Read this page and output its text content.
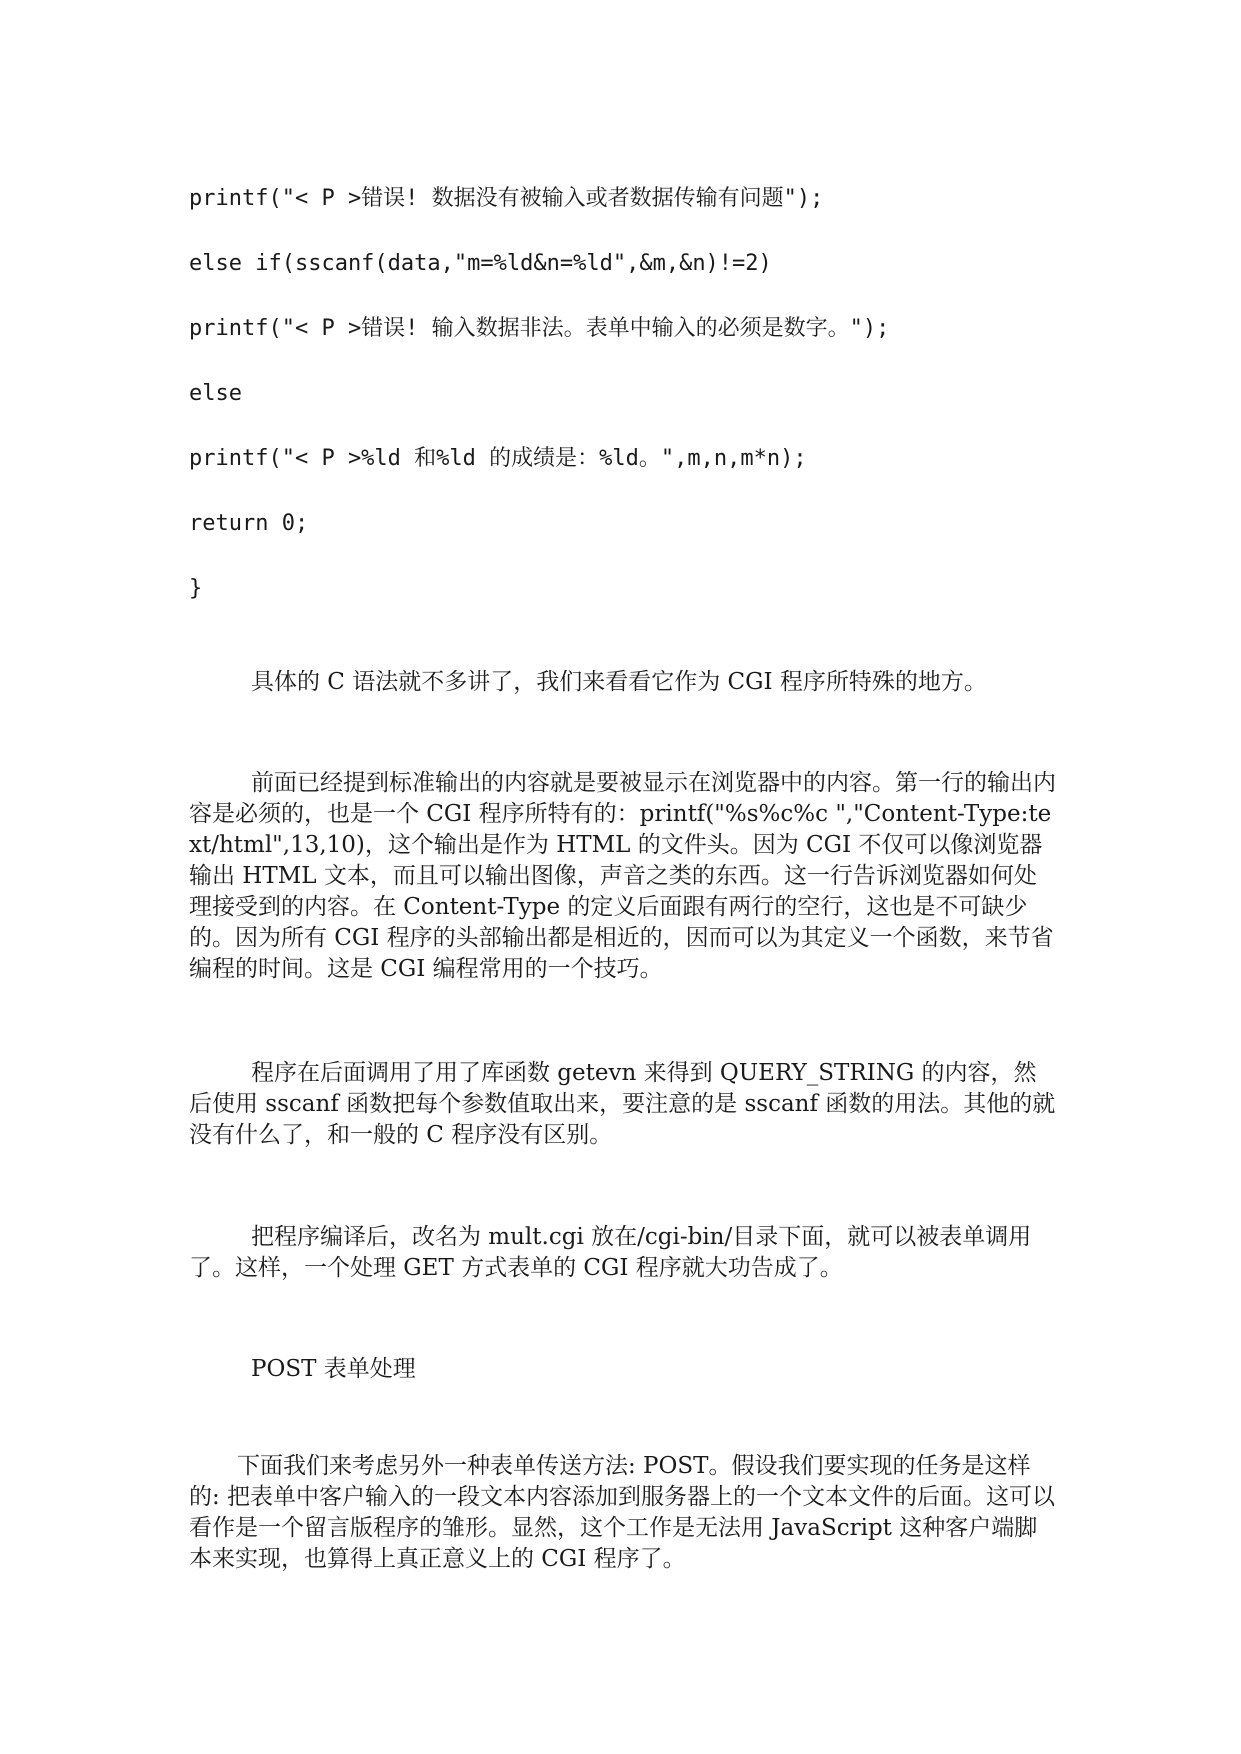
printf("< P >错误! 数据没有被输入或者数据传输有问题");
else if(sscanf(data,"m=%ld&n=%ld",&m,&n)!=2)
printf("< P >错误! 输入数据非法。表单中输入的必须是数字。");
else
printf("< P >%ld 和%ld 的成绩是：%ld。",m,n,m*n);
return 0;
}
具体的 C 语法就不多讲了，我们来看看它作为 CGI 程序所特殊的地方。
前面已经提到标准输出的内容就是要被显示在浏览器中的内容。第一行的输出内容是必须的，也是一个 CGI 程序所特有的：printf("%s%c%c ","Content-Type:text/html",13,10)，这个输出是作为 HTML 的文件头。因为 CGI 不仅可以像浏览器输出 HTML 文本，而且可以输出图像，声音之类的东西。这一行告诉浏览器如何处理接受到的内容。在 Content-Type 的定义后面跟有两行的空行，这也是不可缺少的。因为所有 CGI 程序的头部输出都是相近的，因而可以为其定义一个函数，来节省编程的时间。这是 CGI 编程常用的一个技巧。
程序在后面调用了用了库函数 getevn 来得到 QUERY_STRING 的内容，然后使用 sscanf 函数把每个参数值取出来，要注意的是 sscanf 函数的用法。其他的就没有什么了，和一般的 C 程序没有区别。
把程序编译后，改名为 mult.cgi 放在/cgi-bin/目录下面，就可以被表单调用了。这样，一个处理 GET 方式表单的 CGI 程序就大功告成了。
POST 表单处理
下面我们来考虑另外一种表单传送方法: POST。假设我们要实现的任务是这样的: 把表单中客户输入的一段文本内容添加到服务器上的一个文本文件的后面。这可以看作是一个留言版程序的雏形。显然，这个工作是无法用 JavaScript 这种客户端脚本来实现，也算得上真正意义上的 CGI 程序了。
